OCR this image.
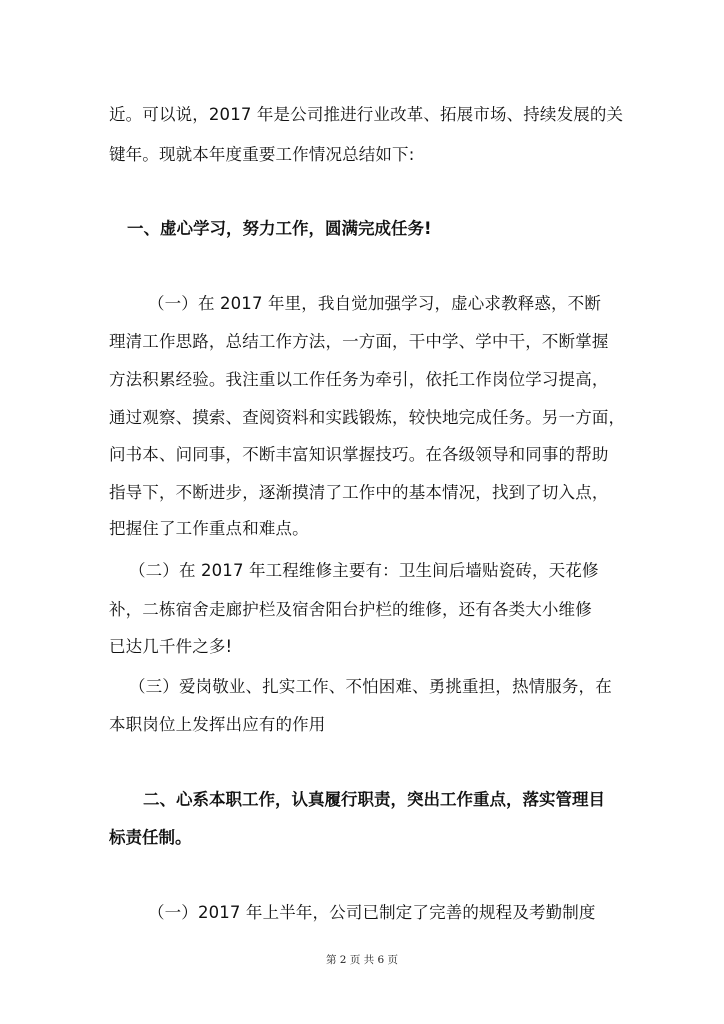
近。可以说，2017 年是公司推进行业改革、拓展市场、持续发展的关
键年。现就本年度重要工作情况总结如下:
一、虚心学习，努力工作，圆满完成任务!
（一）在 2017 年里，我自觉加强学习，虚心求教释惑，不断
理清工作思路，总结工作方法，一方面，干中学、学中干，不断掌握
方法积累经验。我注重以工作任务为牵引，依托工作岗位学习提高，
通过观察、摸索、查阅资料和实践锻炼，较快地完成任务。另一方面，
问书本、问同事，不断丰富知识掌握技巧。在各级领导和同事的帮助
指导下，不断进步，逐渐摸清了工作中的基本情况，找到了切入点，
把握住了工作重点和难点。
（二）在 2017 年工程维修主要有：卫生间后墙贴瓷砖，天花修
补，二栋宿舍走廊护栏及宿舍阳台护栏的维修，还有各类大小维修
已达几千件之多!
（三）爱岗敬业、扎实工作、不怕困难、勇挑重担，热情服务，在
本职岗位上发挥出应有的作用
二、心系本职工作，认真履行职责，突出工作重点，落实管理目
标责任制。
（一）2017 年上半年，公司已制定了完善的规程及考勤制度
第 2 页 共 6 页
